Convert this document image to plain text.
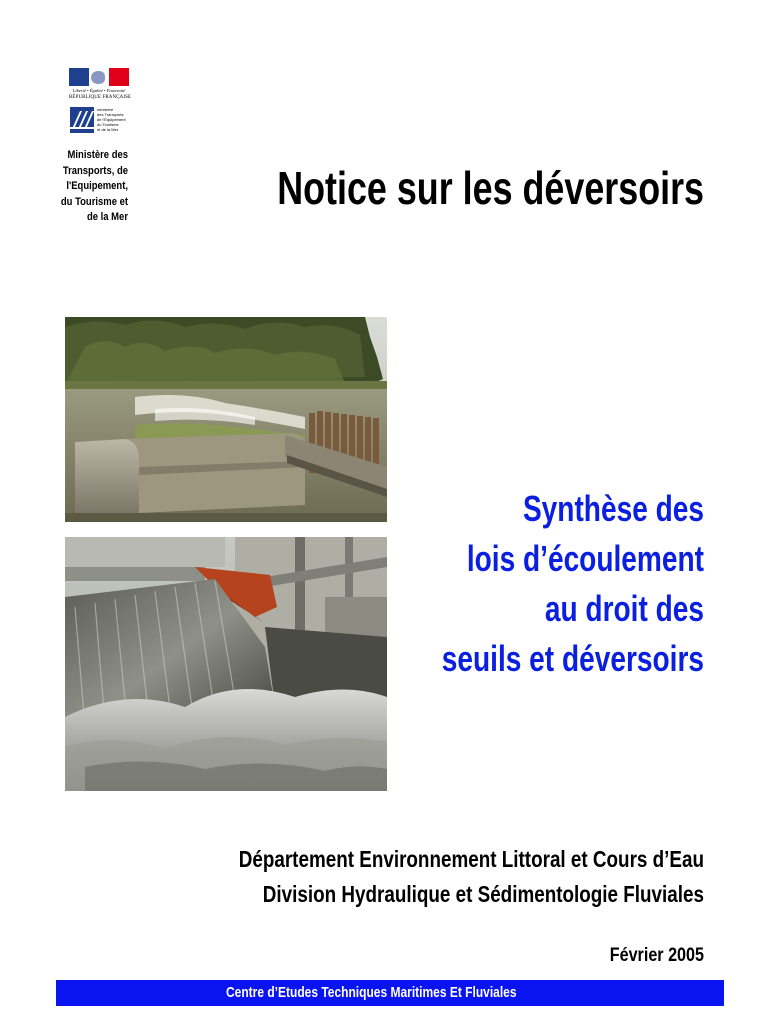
Liberté • Égalité • Fraternité
RÉPUBLIQUE FRANÇAISE
ministère
des Transports
de l'Équipement
du Tourisme
et de la Mer
Ministère des
Transports, de
l'Equipement,
du Tourisme et
de la Mer
Notice sur les déversoirs
Synthèse des
lois d’écoulement
au droit des
seuils et déversoirs
Département Environnement Littoral et Cours d’Eau
Division Hydraulique et Sédimentologie Fluviales
Février 2005
Centre d’Etudes Techniques Maritimes Et Fluviales
